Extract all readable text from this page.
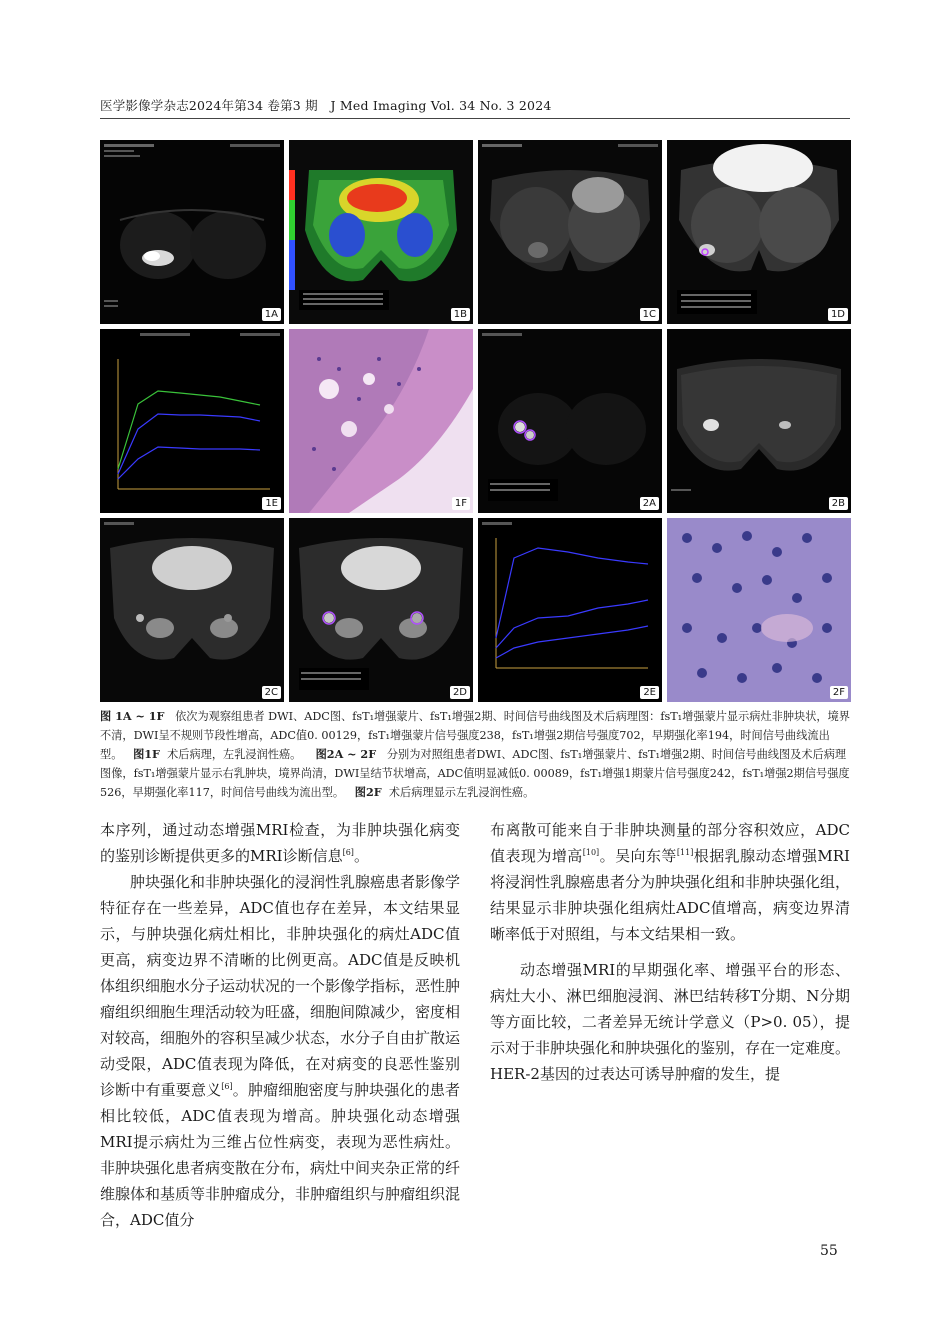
医学影像学杂志2024年第34 卷第3 期　J Med Imaging Vol. 34 No. 3 2024
1A	1B	1C	1D
1E	1F	2A	2B
2C	2D	2E	2F
图 1A ~ 1F 依次为观察组患者 DWI、ADC图、fsT₁增强蒙片、fsT₁增强2期、时间信号曲线图及术后病理图：fsT₁增强蒙片显示病灶非肿块状，境界不清，DWI呈不规则节段性增高，ADC值0. 00129，fsT₁增强蒙片信号强度238，fsT₁增强2期信号强度702，早期强化率194，时间信号曲线流出型。 图1F 术后病理，左乳浸润性癌。 图2A ~ 2F 分别为对照组患者DWI、ADC图、fsT₁增强蒙片、fsT₁增强2期、时间信号曲线图及术后病理图像，fsT₁增强蒙片显示右乳肿块，境界尚清，DWI呈结节状增高，ADC值明显减低0. 00089，fsT₁增强1期蒙片信号强度242，fsT₁增强2期信号强度526，早期强化率117，时间信号曲线为流出型。 图2F 术后病理显示左乳浸润性癌。

本序列，通过动态增强MRI检查，为非肿块强化病变的鉴别诊断提供更多的MRI诊断信息[6]。

肿块强化和非肿块强化的浸润性乳腺癌患者影像学特征存在一些差异，ADC值也存在差异，本文结果显示，与肿块强化病灶相比，非肿块强化的病灶ADC值更高，病变边界不清晰的比例更高。ADC值是反映机体组织细胞水分子运动状况的一个影像学指标，恶性肿瘤组织细胞生理活动较为旺盛，细胞间隙减少，密度相对较高，细胞外的容积呈减少状态，水分子自由扩散运动受限，ADC值表现为降低，在对病变的良恶性鉴别诊断中有重要意义[6]。肿瘤细胞密度与肿块强化的患者相比较低，ADC值表现为增高。肿块强化动态增强MRI提示病灶为三维占位性病变，表现为恶性病灶。非肿块强化患者病变散在分布，病灶中间夹杂正常的纤维腺体和基质等非肿瘤成分，非肿瘤组织与肿瘤组织混合，ADC值分

布离散可能来自于非肿块测量的部分容积效应，ADC值表现为增高[10]。吴向东等[11]根据乳腺动态增强MRI将浸润性乳腺癌患者分为肿块强化组和非肿块强化组，结果显示非肿块强化组病灶ADC值增高，病变边界清晰率低于对照组，与本文结果相一致。

动态增强MRI的早期强化率、增强平台的形态、病灶大小、淋巴细胞浸润、淋巴结转移T分期、N分期等方面比较，二者差异无统计学意义（P>0. 05），提示对于非肿块强化和肿块强化的鉴别，存在一定难度。HER-2基因的过表达可诱导肿瘤的发生，提

55
